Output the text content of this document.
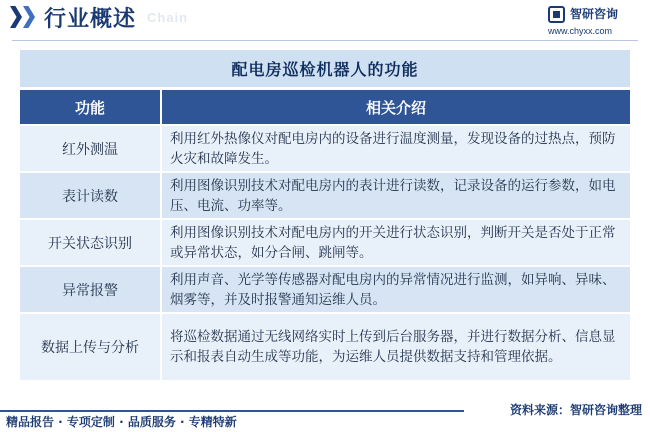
行业概述 Chain	智研咨询
www.chyxx.com
配电房巡检机器人的功能
功能	相关介绍
红外测温
利用红外热像仪对配电房内的设备进行温度测量，发现设备的过热点，预防火灾和故障发生。
表计读数
利用图像识别技术对配电房内的表计进行读数，记录设备的运行参数，如电压、电流、功率等。
开关状态识别
利用图像识别技术对配电房内的开关进行状态识别，判断开关是否处于正常或异常状态，如分合闸、跳闸等。
异常报警
利用声音、光学等传感器对配电房内的异常情况进行监测，如异响、异味、烟雾等，并及时报警通知运维人员。
数据上传与分析
将巡检数据通过无线网络实时上传到后台服务器，并进行数据分析、信息显示和报表自动生成等功能，为运维人员提供数据支持和管理依据。
资料来源：智研咨询整理
精品报告 · 专项定制 · 品质服务 · 专精特新
